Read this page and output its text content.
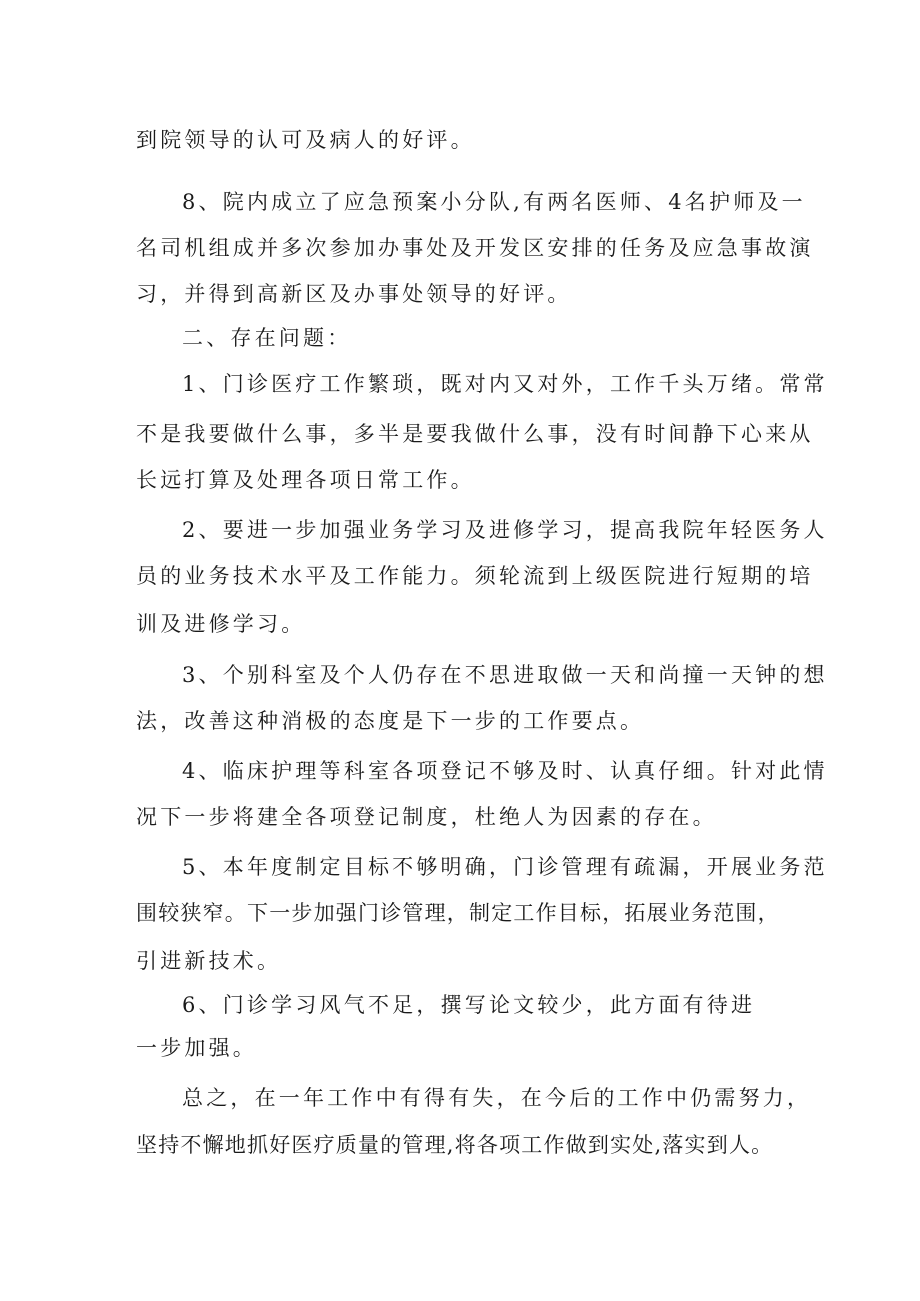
到院领导的认可及病人的好评。

8、院内成立了应急预案小分队,有两名医师、4名护师及一

名司机组成并多次参加办事处及开发区安排的任务及应急事故演

习，并得到高新区及办事处领导的好评。

二、存在问题：

1、门诊医疗工作繁琐，既对内又对外，工作千头万绪。常常

不是我要做什么事，多半是要我做什么事，没有时间静下心来从

长远打算及处理各项日常工作。

2、要进一步加强业务学习及进修学习，提高我院年轻医务人

员的业务技术水平及工作能力。须轮流到上级医院进行短期的培

训及进修学习。

3、个别科室及个人仍存在不思进取做一天和尚撞一天钟的想

法，改善这种消极的态度是下一步的工作要点。

4、临床护理等科室各项登记不够及时、认真仔细。针对此情

况下一步将建全各项登记制度，杜绝人为因素的存在。

5、本年度制定目标不够明确，门诊管理有疏漏，开展业务范

围较狭窄。下一步加强门诊管理，制定工作目标，拓展业务范围，

引进新技术。

6、门诊学习风气不足，撰写论文较少，此方面有待进

一步加强。

总之，在一年工作中有得有失，在今后的工作中仍需努力，

坚持不懈地抓好医疗质量的管理,将各项工作做到实处,落实到人。
